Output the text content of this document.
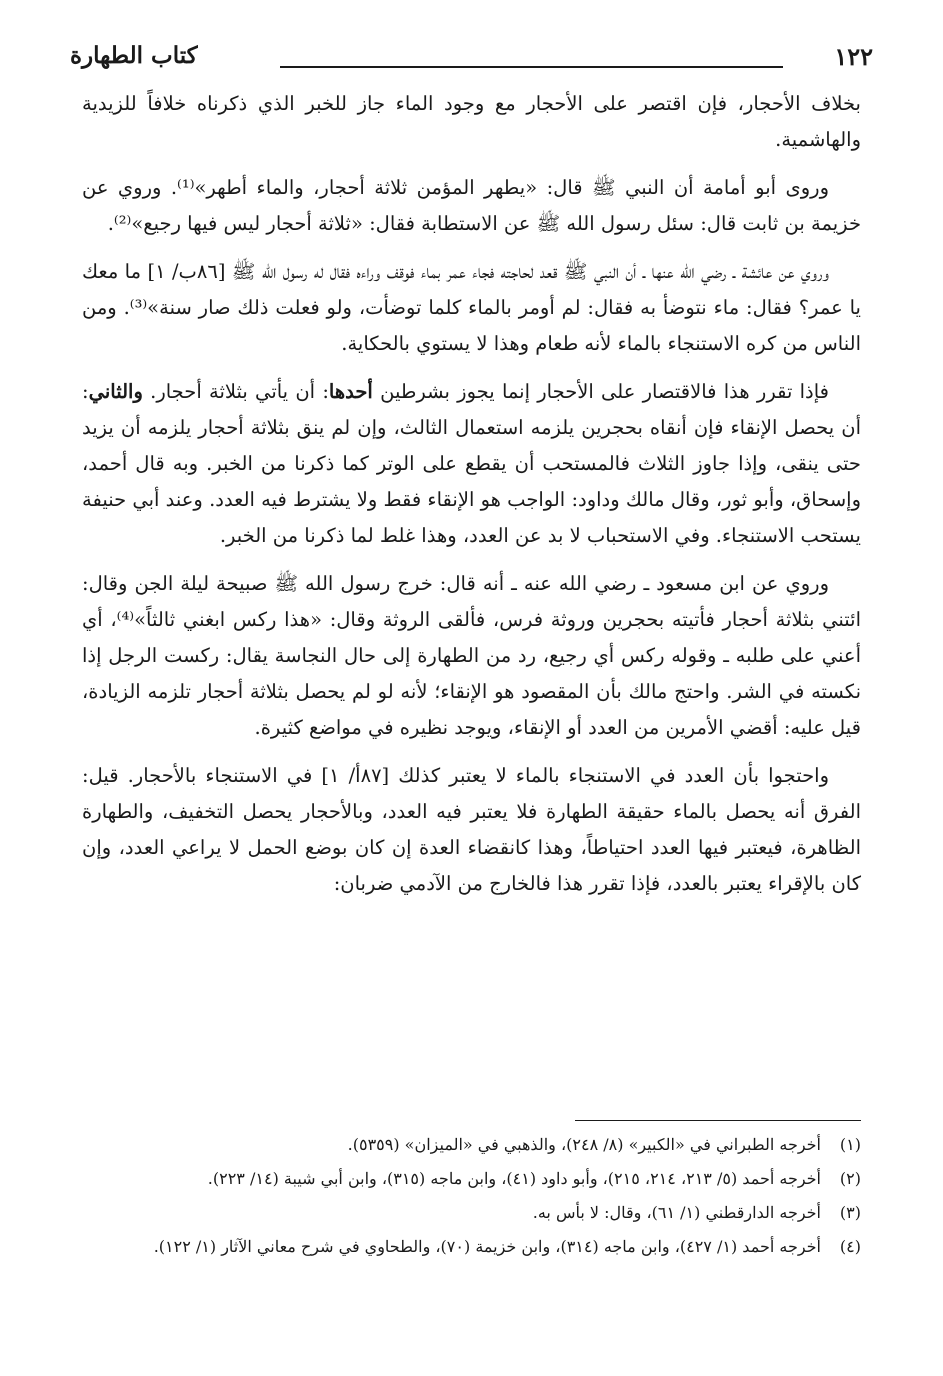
١٢٢
كتاب الطهارة

بخلاف الأحجار، فإن اقتصر على الأحجار مع وجود الماء جاز للخبر الذي ذكرناه خلافاً للزيدية والهاشمية.

وروى أبو أمامة أن النبي ﷺ قال: «يطهر المؤمن ثلاثة أحجار، والماء أطهر»⁽¹⁾. وروي عن خزيمة بن ثابت قال: سئل رسول الله ﷺ عن الاستطابة فقال: «ثلاثة أحجار ليس فيها رجيع»⁽²⁾.

وروي عن عائشة ـ رضي الله عنها ـ أن النبي ﷺ قعد لحاجته فجاء عمر بماء فوقف وراءه فقال له رسول الله ﷺ [٨٦ب/ ١] ما معك يا عمر؟ فقال: ماء نتوضأ به فقال: لم أومر بالماء كلما توضأت، ولو فعلت ذلك صار سنة»⁽³⁾. ومن الناس من كره الاستنجاء بالماء لأنه طعام وهذا لا يستوي بالحكاية.

فإذا تقرر هذا فالاقتصار على الأحجار إنما يجوز بشرطين أحدها: أن يأتي بثلاثة أحجار. والثاني: أن يحصل الإنقاء فإن أنقاه بحجرين يلزمه استعمال الثالث، وإن لم ينق بثلاثة أحجار يلزمه أن يزيد حتى ينقى، وإذا جاوز الثلاث فالمستحب أن يقطع على الوتر كما ذكرنا من الخبر. وبه قال أحمد، وإسحاق، وأبو ثور، وقال مالك وداود: الواجب هو الإنقاء فقط ولا يشترط فيه العدد. وعند أبي حنيفة يستحب الاستنجاء. وفي الاستحباب لا بد عن العدد، وهذا غلط لما ذكرنا من الخبر.

وروي عن ابن مسعود ـ رضي الله عنه ـ أنه قال: خرج رسول الله ﷺ صبيحة ليلة الجن وقال: ائتني بثلاثة أحجار فأتيته بحجرين وروثة فرس، فألقى الروثة وقال: «هذا ركس ابغني ثالثاً»⁽⁴⁾، أي أعني على طلبه ـ وقوله ركس أي رجيع، رد من الطهارة إلى حال النجاسة يقال: ركست الرجل إذا نكسته في الشر. واحتج مالك بأن المقصود هو الإنقاء؛ لأنه لو لم يحصل بثلاثة أحجار تلزمه الزيادة، قيل عليه: أقضي الأمرين من العدد أو الإنقاء، ويوجد نظيره في مواضع كثيرة.

واحتجوا بأن العدد في الاستنجاء بالماء لا يعتبر كذلك [٨٧أ/ ١] في الاستنجاء بالأحجار. قيل: الفرق أنه يحصل بالماء حقيقة الطهارة فلا يعتبر فيه العدد، وبالأحجار يحصل التخفيف، والطهارة الظاهرة، فيعتبر فيها العدد احتياطاً، وهذا كانقضاء العدة إن كان بوضع الحمل لا يراعي العدد، وإن كان بالإقراء يعتبر بالعدد، فإذا تقرر هذا فالخارج من الآدمي ضربان:

(١)
أخرجه الطبراني في «الكبير» (٨/ ٢٤٨)، والذهبي في «الميزان» (٥٣٥٩).
(٢)
أخرجه أحمد (٥/ ٢١٣، ٢١٤، ٢١٥)، وأبو داود (٤١)، وابن ماجه (٣١٥)، وابن أبي شيبة (١٤/ ٢٢٣).
(٣)
أخرجه الدارقطني (١/ ٦١)، وقال: لا بأس به.
(٤)
أخرجه أحمد (١/ ٤٢٧)، وابن ماجه (٣١٤)، وابن خزيمة (٧٠)، والطحاوي في شرح معاني الآثار (١/ ١٢٢).
